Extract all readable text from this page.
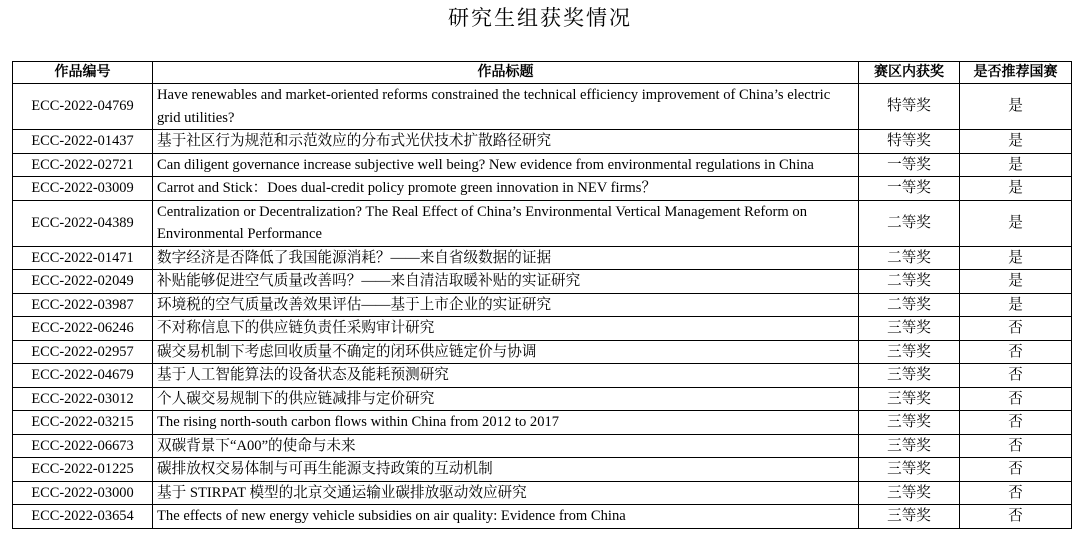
研究生组获奖情况
作品编号	作品标题	赛区内获奖	是否推荐国赛
ECC-2022-04769	Have renewables and market-oriented reforms constrained the technical efficiency improvement of China’s electric grid utilities?	特等奖	是
ECC-2022-01437	基于社区行为规范和示范效应的分布式光伏技术扩散路径研究	特等奖	是
ECC-2022-02721	Can diligent governance increase subjective well being? New evidence from environmental regulations in China	一等奖	是
ECC-2022-03009	Carrot and Stick：Does dual-credit policy promote green innovation in NEV firms？	一等奖	是
ECC-2022-04389	Centralization or Decentralization? The Real Effect of China’s Environmental Vertical Management Reform on Environmental Performance	二等奖	是
ECC-2022-01471	数字经济是否降低了我国能源消耗？——来自省级数据的证据	二等奖	是
ECC-2022-02049	补贴能够促进空气质量改善吗？——来自清洁取暖补贴的实证研究	二等奖	是
ECC-2022-03987	环境税的空气质量改善效果评估——基于上市企业的实证研究	二等奖	是
ECC-2022-06246	不对称信息下的供应链负责任采购审计研究	三等奖	否
ECC-2022-02957	碳交易机制下考虑回收质量不确定的闭环供应链定价与协调	三等奖	否
ECC-2022-04679	基于人工智能算法的设备状态及能耗预测研究	三等奖	否
ECC-2022-03012	个人碳交易规制下的供应链减排与定价研究	三等奖	否
ECC-2022-03215	The rising north-south carbon flows within China from 2012 to 2017	三等奖	否
ECC-2022-06673	双碳背景下“A00”的使命与未来	三等奖	否
ECC-2022-01225	碳排放权交易体制与可再生能源支持政策的互动机制	三等奖	否
ECC-2022-03000	基于 STIRPAT 模型的北京交通运输业碳排放驱动效应研究	三等奖	否
ECC-2022-03654	The effects of new energy vehicle subsidies on air quality: Evidence from China	三等奖	否
